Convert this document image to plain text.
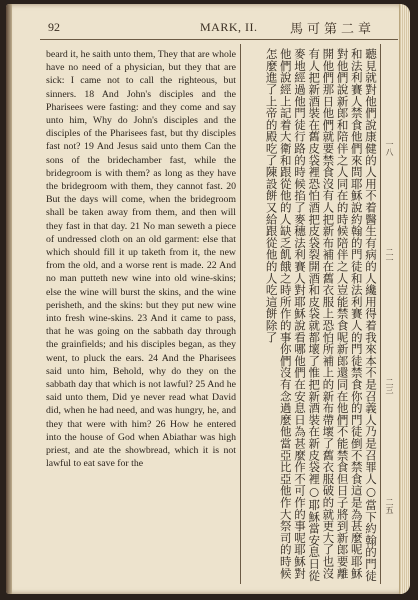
92	MARK, II.	馬可第二章

beard it, he saith unto them, They that are whole have no need of a physician, but they that are sick: I came not to call the righteous, but sinners. 18 And John's disciples and the Pharisees were fasting: and they come and say unto him, Why do John's disciples and the disciples of the Pharisees fast, but thy disciples fast not? 19 And Jesus said unto them Can the sons of the bridechamber fast, while the bridegroom is with them? as long as they have the bridegroom with them, they cannot fast. 20 But the days will come, when the bridegroom shall be taken away from them, and then will they fast in that day. 21 No man seweth a piece of undressed cloth on an old garment: else that which should fill it up taketh from it, the new from the old, and a worse rent is made. 22 And no man putteth new wine into old wine-skins; else the wine will burst the skins, and the wine perisheth, and the skins: but they put new wine into fresh wine-skins. 23 And it came to pass, that he was going on the sabbath day through the grainfields; and his disciples began, as they went, to pluck the ears. 24 And the Pharisees said unto him, Behold, why do they on the sabbath day that which is not lawful? 25 And he said unto them, Did ye never read what David did, when he had need, and was hungry, he, and they that were with him? 26 How he entered into the house of God when Abiathar was high priest, and ate the showbread, which it is not lawful to eat save for the	聽見就對他們說康健的人用不着醫生有病的人纔用得着我來本不是召義人乃是召罪人○當下約翰的門徒和法利賽人禁食他們來問耶穌說約翰的門徒和法利賽人的門徒禁食你的門徒倒不禁食這是為甚麼呢耶穌對他們說新郎和陪伴之人同在的時候陪伴之人豈能禁食呢新郎還同在他們不能禁食但日子將到新郎要離開他們那日他們就要禁食沒有人把新布補在舊衣服上恐怕所補上的新布帶壞了舊衣服破的就更大了也沒有人把新酒裝在舊皮袋裡恐怕酒把皮袋裂開酒和皮袋就都壞了惟把新酒裝在新皮袋裡○耶穌當安息日從麥地經過他門徒行路的時候掐了麥穗法利賽人對耶穌說看哪他們在安息日為甚麼作不可作的事呢耶穌對他們說經上記着大衛和跟從他的人缺乏飢餓之時所作的事你們沒有念過麼他當亞比亞他作大祭司的時候怎麼進了上帝的殿吃了陳設餅又給跟從他的人吃這餅除了	一八
二一
二三
二五
